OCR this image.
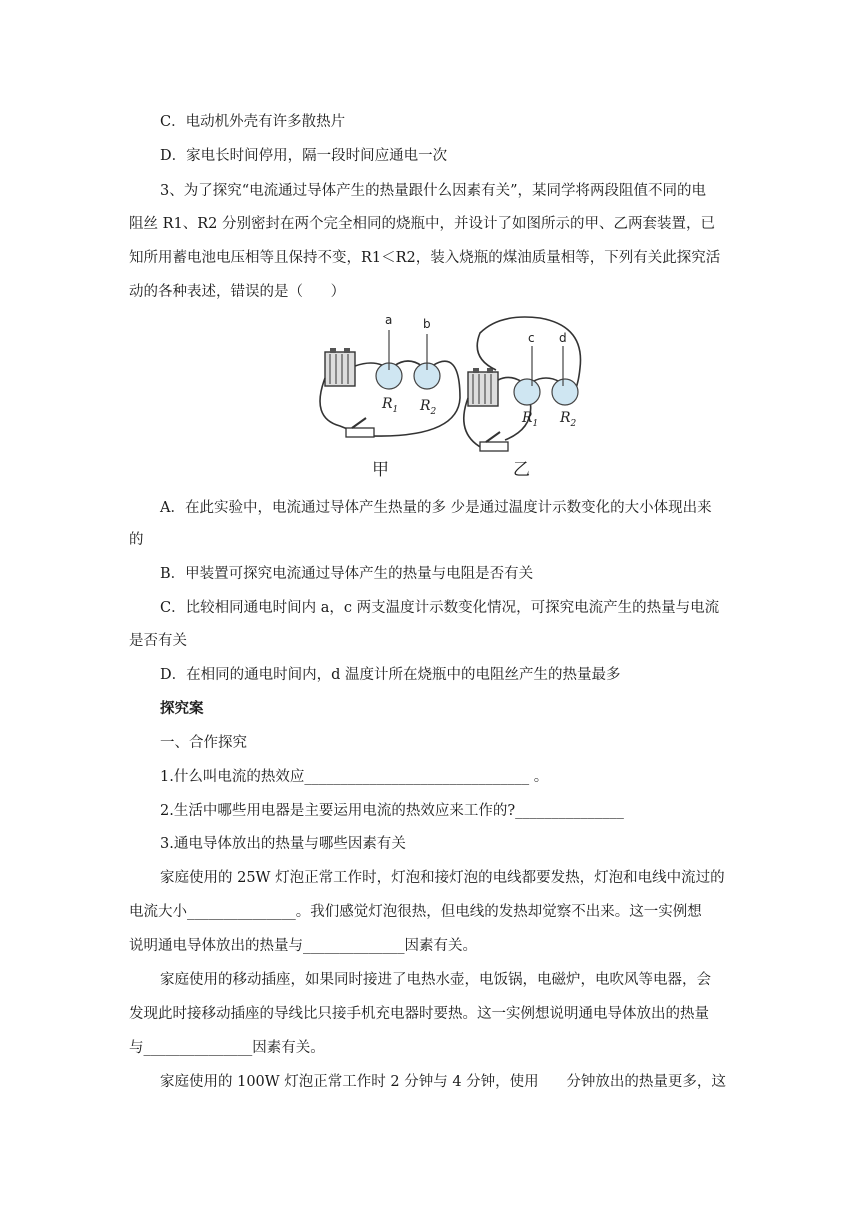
C．电动机外壳有许多散热片
D．家电长时间停用，隔一段时间应通电一次
3、为了探究“电流通过导体产生的热量跟什么因素有关”，某同学将两段阻值不同的电
阻丝 R1、R2 分别密封在两个完全相同的烧瓶中，并设计了如图所示的甲、乙两套装置，已
知所用蓄电池电压相等且保持不变，R1＜R2，装入烧瓶的煤油质量相等，下列有关此探究活
动的各种表述，错误的是（      ）
a	b
$R_1$ $R_2$
c d
$R_1$ $R_2$
甲	乙
A．在此实验中，电流通过导体产生热量的多 少是通过温度计示数变化的大小体现出来
的
B．甲装置可探究电流通过导体产生的热量与电阻是否有关
C．比较相同通电时间内 a，c 两支温度计示数变化情况，可探究电流产生的热量与电流
是否有关
D．在相同的通电时间内，d 温度计所在烧瓶中的电阻丝产生的热量最多
探究案
一、合作探究
1.什么叫电流的热效应_______________________________ 。
2.生活中哪些用电器是主要运用电流的热效应来工作的?_______________
3.通电导体放出的热量与哪些因素有关
家庭使用的 25W 灯泡正常工作时，灯泡和接灯泡的电线都要发热，灯泡和电线中流过的
电流大小_______________。我们感觉灯泡很热，但电线的发热却觉察不出来。这一实例想
说明通电导体放出的热量与______________因素有关。
家庭使用的移动插座，如果同时接进了电热水壶，电饭锅，电磁炉，电吹风等电器，会
发现此时接移动插座的导线比只接手机充电器时要热。这一实例想说明通电导体放出的热量
与_______________因素有关。
家庭使用的 100W 灯泡正常工作时 2 分钟与 4 分钟，使用      分钟放出的热量更多，这
